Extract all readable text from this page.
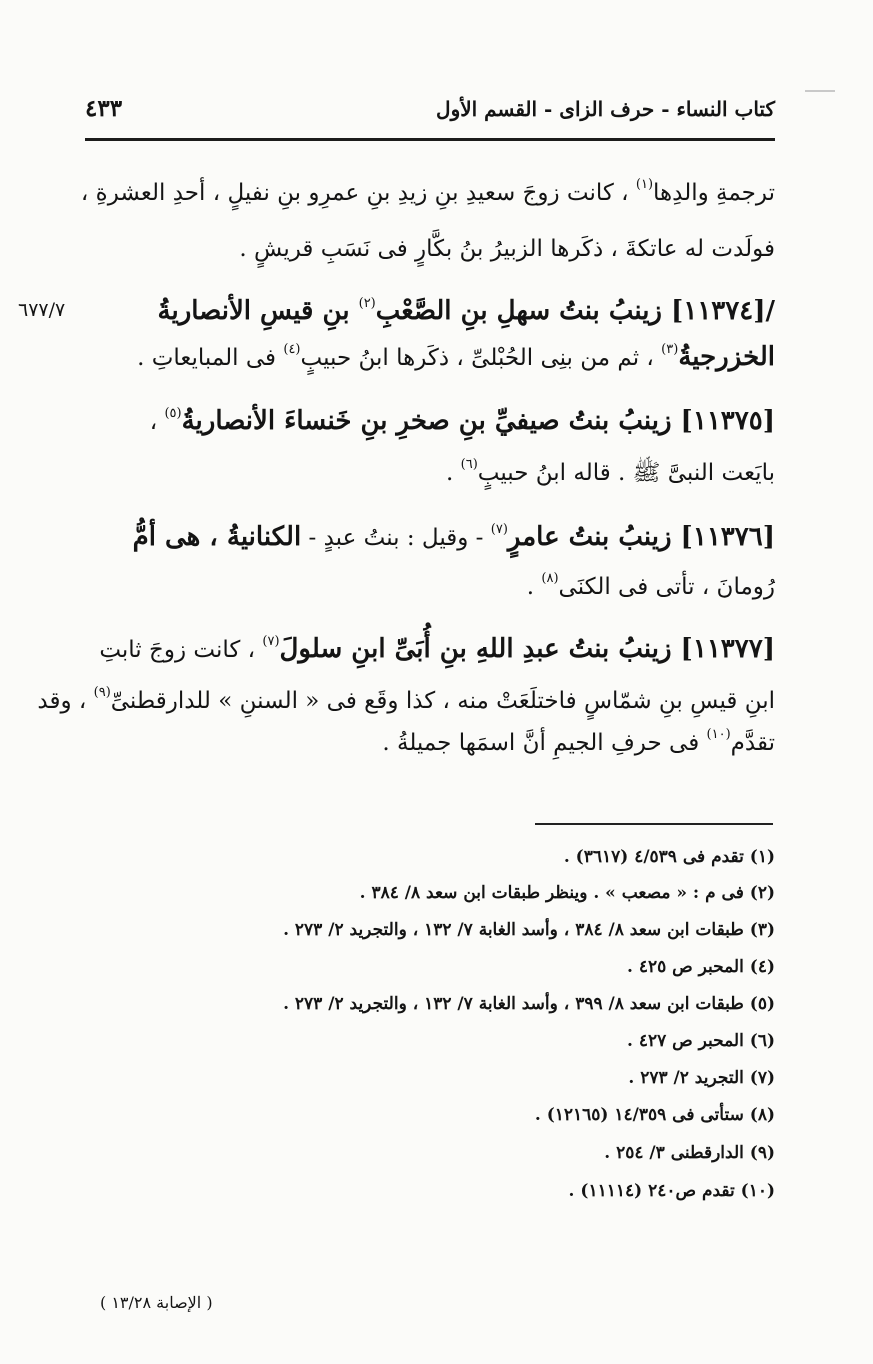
كتاب النساء - حرف الزاى - القسم الأول
٤٣٣
ترجمةِ والدِها$^{(١)}$ ، كانت زوجَ سعيدِ بنِ زيدِ بنِ عمرِو بنِ نفيلٍ ، أحدِ العشرةِ ،
فولَدت له عاتكةَ ، ذكَرها الزبيرُ بنُ بكَّارٍ فى نَسَبِ قريشٍ .
/[١١٣٧٤] زينبُ بنتُ سهلِ بنِ الصَّعْبِ$^{(٢)}$ بنِ قيسِ الأنصاريةُ
٦٧٧/٧
الخزرجيةُ$^{(٣)}$ ، ثم من بنِى الحُبْلىِّ ، ذكَرها ابنُ حبيبٍ$^{(٤)}$ فى المبايعاتِ .
[١١٣٧٥] زينبُ بنتُ صيفيِّ بنِ صخرِ بنِ خَنساءَ الأنصاريةُ$^{(٥)}$ ،
بايَعت النبىَّ ﷺ . قاله ابنُ حبيبٍ$^{(٦)}$ .
[١١٣٧٦] زينبُ بنتُ عامرٍ$^{(٧)}$ - وقيل : بنتُ عبدٍ - الكنانيةُ ، هى أمُّ
رُومانَ ، تأتى فى الكنَى$^{(٨)}$ .
[١١٣٧٧] زينبُ بنتُ عبدِ اللهِ بنِ أُبَىِّ ابنِ سلولَ$^{(٧)}$ ، كانت زوجَ ثابتِ
ابنِ قيسِ بنِ شمّاسٍ فاختلَعَتْ منه ، كذا وقَع فى « السننِ » للدارقطنىِّ$^{(٩)}$ ، وقد
تقدَّم$^{(١٠)}$ فى حرفِ الجيمِ أنَّ اسمَها جميلةُ .
(١) تقدم فى ٤/٥٣٩ (٣٦١٧) .
(٢) فى م : « مصعب » . وينظر طبقات ابن سعد ٨/ ٣٨٤ .
(٣) طبقات ابن سعد ٨/ ٣٨٤ ، وأسد الغابة ٧/ ١٣٢ ، والتجريد ٢/ ٢٧٣ .
(٤) المحبر ص ٤٢٥ .
(٥) طبقات ابن سعد ٨/ ٣٩٩ ، وأسد الغابة ٧/ ١٣٢ ، والتجريد ٢/ ٢٧٣ .
(٦) المحبر ص ٤٢٧ .
(٧) التجريد ٢/ ٢٧٣ .
(٨) ستأتى فى ١٤/٣٥٩ (١٢١٦٥) .
(٩) الدارقطنى ٣/ ٢٥٤ .
(١٠) تقدم ص٢٤٠ (١١١١٤) .
( الإصابة ١٣/٢٨ )
